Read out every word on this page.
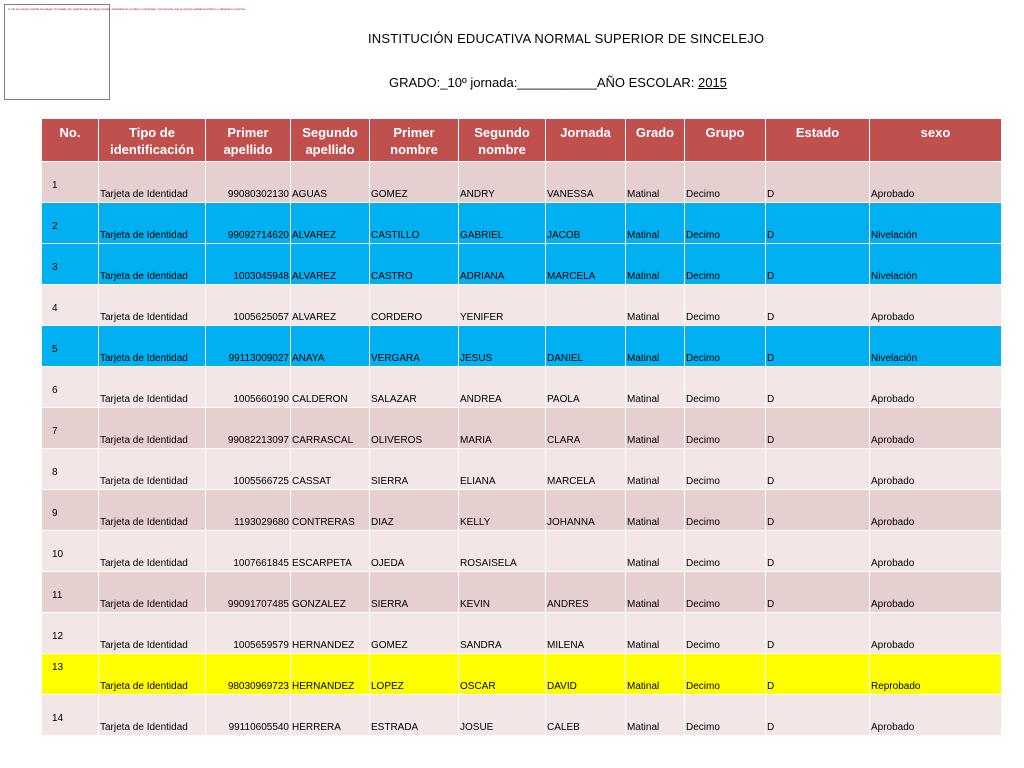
✕ No se puede mostrar la imagen vinculada. Es posible que se haya movido, cambiado de nombre o eliminado. Compruebe que el vínculo señala al archivo y ubicación correctos.
INSTITUCIÓN EDUCATIVA NORMAL SUPERIOR DE SINCELEJO
GRADO:_10º jornada:___________AÑO ESCOLAR: 2015
No.	Tipo de identificación	Primer apellido	Segundo apellido	Primer nombre	Segundo nombre	Jornada	Grado	Grupo	Estado	sexo	
1	Tarjeta de Identidad	99080302130	AGUAS	GOMEZ	ANDRY	VANESSA	Matinal	Decimo	D	Aprobado	
2	Tarjeta de Identidad	99092714620	ALVAREZ	CASTILLO	GABRIEL	JACOB	Matinal	Decimo	D	Nivelación	
3	Tarjeta de Identidad	1003045948	ALVAREZ	CASTRO	ADRIANA	MARCELA	Matinal	Decimo	D	Nivelación	
4	Tarjeta de Identidad	1005625057	ALVAREZ	CORDERO	YENIFER		Matinal	Decimo	D	Aprobado	
5	Tarjeta de Identidad	99113009027	ANAYA	VERGARA	JESUS	DANIEL	Matinal	Decimo	D	Nivelación	
6	Tarjeta de Identidad	1005660190	CALDERON	SALAZAR	ANDREA	PAOLA	Matinal	Decimo	D	Aprobado	
7	Tarjeta de Identidad	99082213097	CARRASCAL	OLIVEROS	MARIA	CLARA	Matinal	Decimo	D	Aprobado	
8	Tarjeta de Identidad	1005566725	CASSAT	SIERRA	ELIANA	MARCELA	Matinal	Decimo	D	Aprobado	
9	Tarjeta de Identidad	1193029680	CONTRERAS	DIAZ	KELLY	JOHANNA	Matinal	Decimo	D	Aprobado	
10	Tarjeta de Identidad	1007661845	ESCARPETA	OJEDA	ROSAISELA		Matinal	Decimo	D	Aprobado	
11	Tarjeta de Identidad	99091707485	GONZALEZ	SIERRA	KEVIN	ANDRES	Matinal	Decimo	D	Aprobado	
12	Tarjeta de Identidad	1005659579	HERNANDEZ	GOMEZ	SANDRA	MILENA	Matinal	Decimo	D	Aprobado	
13	Tarjeta de Identidad	98030969723	HERNANDEZ	LOPEZ	OSCAR	DAVID	Matinal	Decimo	D	Reprobado	
14	Tarjeta de Identidad	99110605540	HERRERA	ESTRADA	JOSUE	CALEB	Matinal	Decimo	D	Aprobado	
